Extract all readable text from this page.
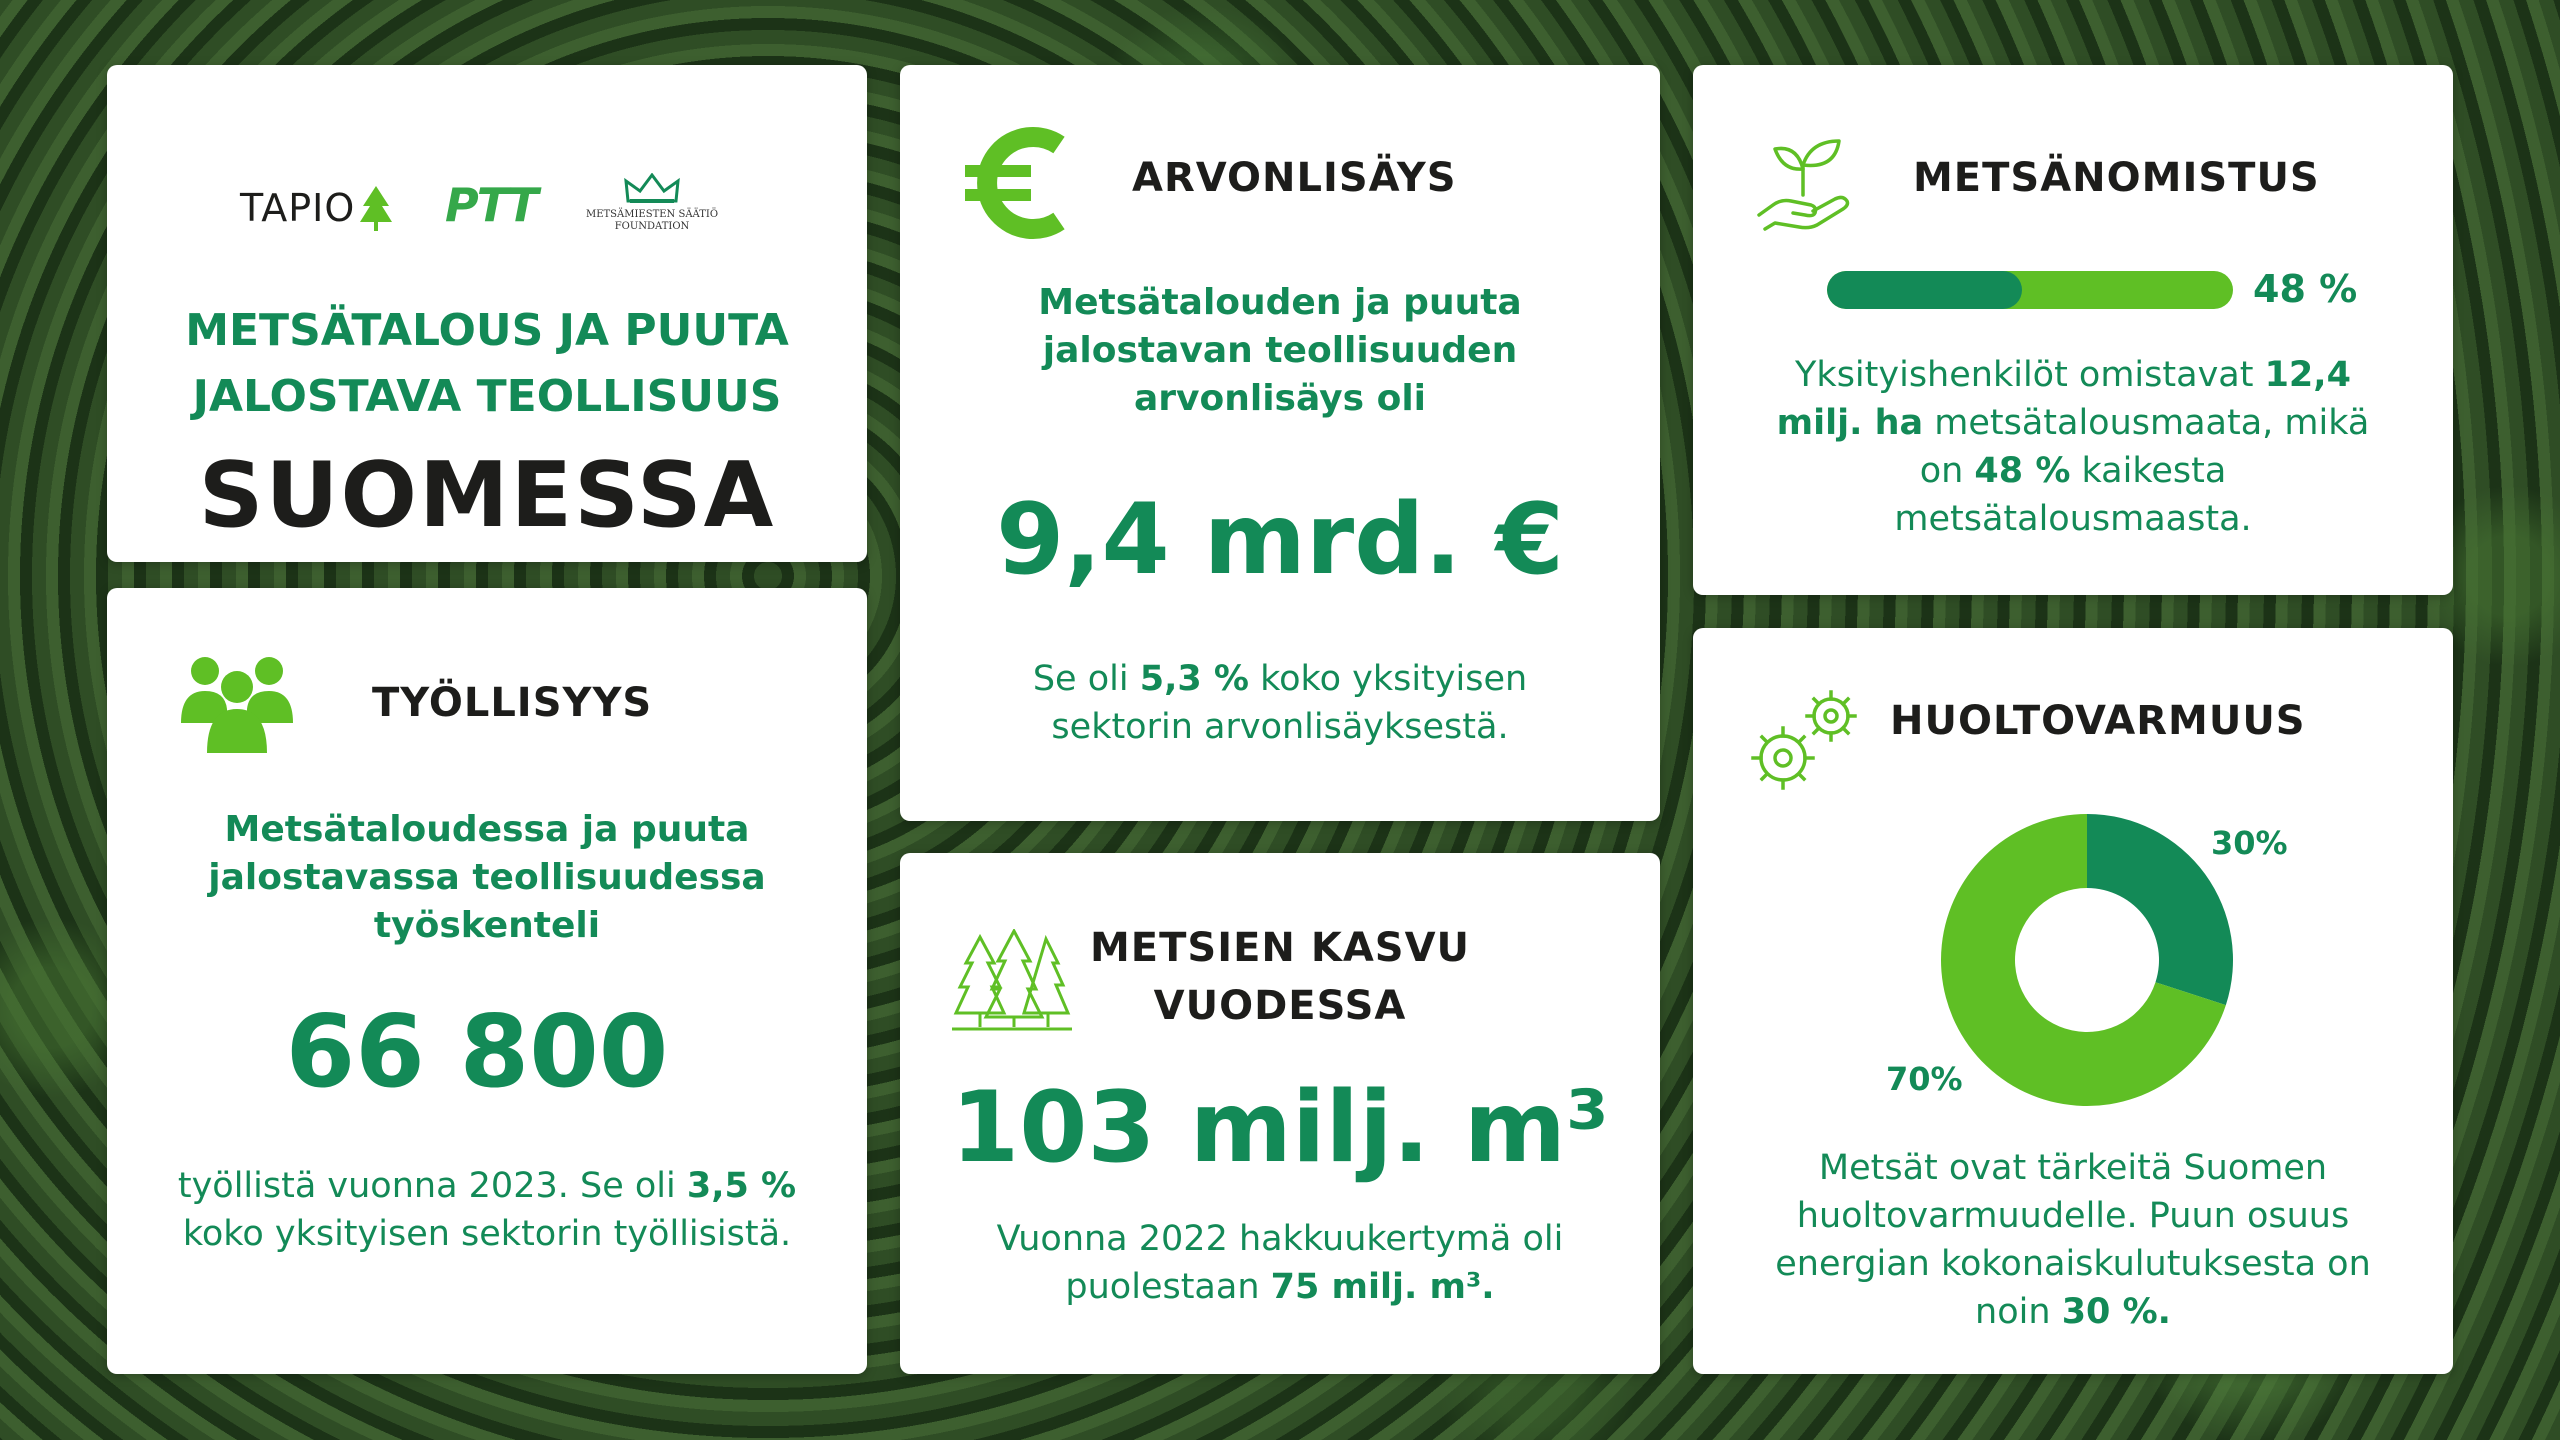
TAPIO PTT	METSÄMIESTEN SÄÄTIÖ
FOUNDATION
METSÄTALOUS JA PUUTA
JALOSTAVA TEOLLISUUS
SUOMESSA
TYÖLLISYYS
Metsätaloudessa ja puuta
jalostavassa teollisuudessa
työskenteli
66 800
työllistä vuonna 2023. Se oli 3,5 %
koko yksityisen sektorin työllisistä.
ARVONLISÄYS
Metsätalouden ja puuta
jalostavan teollisuuden
arvonlisäys oli
9,4 mrd. €
Se oli 5,3 % koko yksityisen
sektorin arvonlisäyksestä.
METSIEN KASVU
VUODESSA
103 milj. m³
Vuonna 2022 hakkuukertymä oli
puolestaan 75 milj. m³.
METSÄNOMISTUS
48 %
Yksityishenkilöt omistavat 12,4
milj. ha metsätalousmaata, mikä
on 48 % kaikesta
metsätalousmaasta.
HUOLTOVARMUUS
30%
70%
Metsät ovat tärkeitä Suomen
huoltovarmuudelle. Puun osuus
energian kokonaiskulutuksesta on
noin 30 %.
